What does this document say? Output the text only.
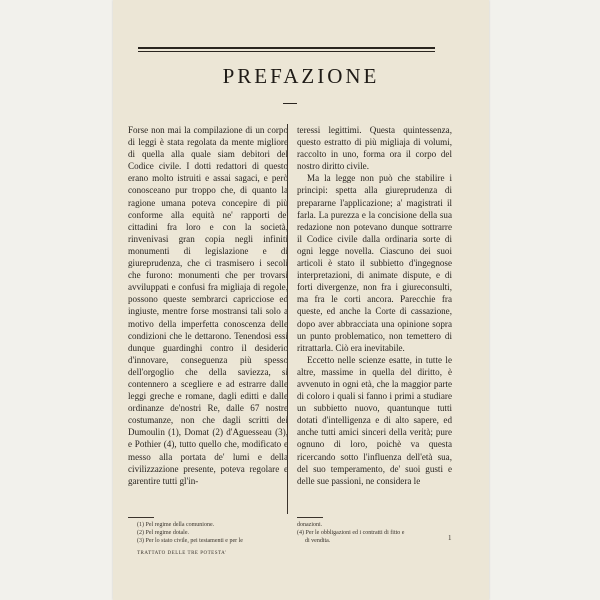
PREFAZIONE

Forse non mai la compilazione di un corpo di leggi è stata regolata da mente migliore di quella alla quale siam debitori del Codice civile. I dotti redattori di questo erano molto istruiti e assai sagaci, e però conosceano pur troppo che, di quanto la ragione umana poteva concepire di più conforme alla equità ne' rapporti de' cittadini fra loro e con la società, rinvenivasi gran copia negli infiniti monumenti di legislazione e di giureprudenza, che ci trasmisero i secoli che furono: monumenti che per trovarsi avviluppati e confusi fra migliaja di regole, possono queste sembrarci capricciose ed ingiuste, mentre forse mostransi tali solo a motivo della imperfetta conoscenza delle condizioni che le dettarono. Tenendosi essi dunque guardinghi contro il desiderio d'innovare, conseguenza più spesso dell'orgoglio che della saviezza, si contennero a scegliere e ad estrarre dalle leggi greche e romane, dagli editti e dalle ordinanze de'nostri Re, dalle 67 nostre costumanze, non che dagli scritti dei Dumoulin (1), Domat (2) d'Aguesseau (3), e Pothier (4), tutto quello che, modificato e messo alla portata de' lumi e della civilizzazione presente, poteva regolare e garentire tutti gl'in-

teressi legittimi. Questa quintessenza, questo estratto di più migliaja di volumi, raccolto in uno, forma ora il corpo del nostro diritto civile.

Ma la legge non può che stabilire i principi: spetta alla giureprudenza di prepararne l'applicazione; a' magistrati il farla. La purezza e la concisione della sua redazione non potevano dunque sottrarre il Codice civile dalla ordinaria sorte di ogni legge novella. Ciascuno dei suoi articoli è stato il subbietto d'ingegnose interpretazioni, di animate dispute, e di forti divergenze, non fra i giureconsulti, ma fra le corti ancora. Parecchie fra queste, ed anche la Corte di cassazione, dopo aver abbracciata una opinione sopra un punto problematico, non temettero di ritrattarla. Ciò era inevitabile.

Eccetto nelle scienze esatte, in tutte le altre, massime in quella del diritto, è avvenuto in ogni età, che la maggior parte di coloro i quali si fanno i primi a studiare un subbietto nuovo, quantunque tutti dotati d'intelligenza e di alto sapere, ed anche tutti amici sinceri della verità; pure ognuno di loro, poichè va questa ricercando sotto l'influenza dell'età sua, del suo temperamento, de' suoi gusti e delle sue passioni, ne considera le

(1) Pel regime della comunione.
(2) Pel regime dotale.
(3) Per lo stato civile, pei testamenti e per le
donazioni.
(4) Per le obbligazioni ed i contratti di fitto e
di vendita.
TRATTATO DELLE TRE POTESTA'
1
